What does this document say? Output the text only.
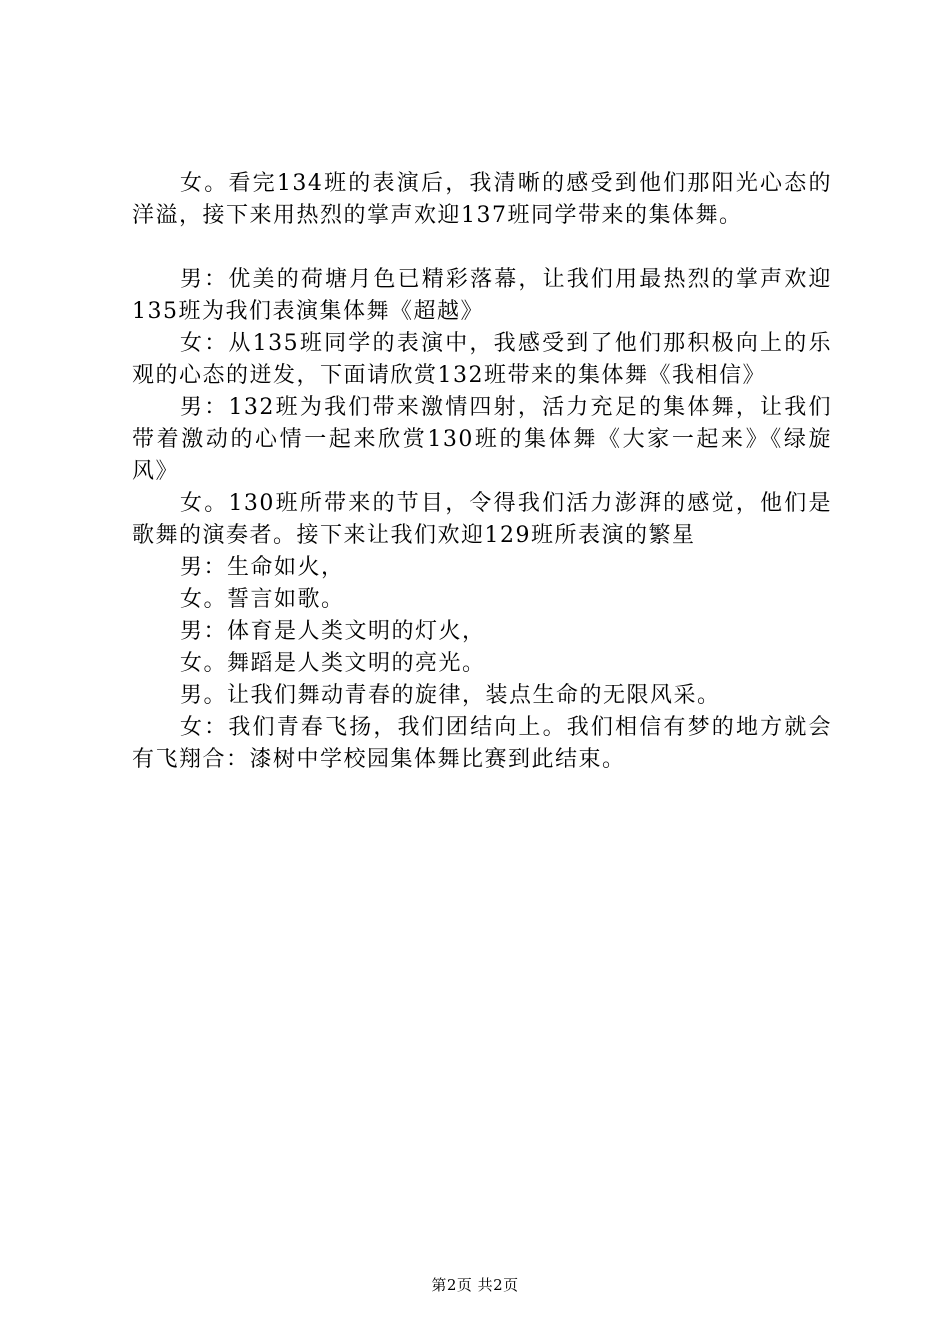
女。看完134班的表演后，我清晰的感受到他们那阳光心态的洋溢，接下来用热烈的掌声欢迎137班同学带来的集体舞。

男：优美的荷塘月色已精彩落幕，让我们用最热烈的掌声欢迎135班为我们表演集体舞《超越》

女：从135班同学的表演中，我感受到了他们那积极向上的乐观的心态的迸发，下面请欣赏132班带来的集体舞《我相信》

男：132班为我们带来激情四射，活力充足的集体舞，让我们带着激动的心情一起来欣赏130班的集体舞《大家一起来》《绿旋风》

女。130班所带来的节目，令得我们活力澎湃的感觉，他们是歌舞的演奏者。接下来让我们欢迎129班所表演的繁星

男：生命如火，

女。誓言如歌。

男：体育是人类文明的灯火，

女。舞蹈是人类文明的亮光。

男。让我们舞动青春的旋律，装点生命的无限风采。

女：我们青春飞扬，我们团结向上。我们相信有梦的地方就会有飞翔合：漆树中学校园集体舞比赛到此结束。

第2页 共2页
